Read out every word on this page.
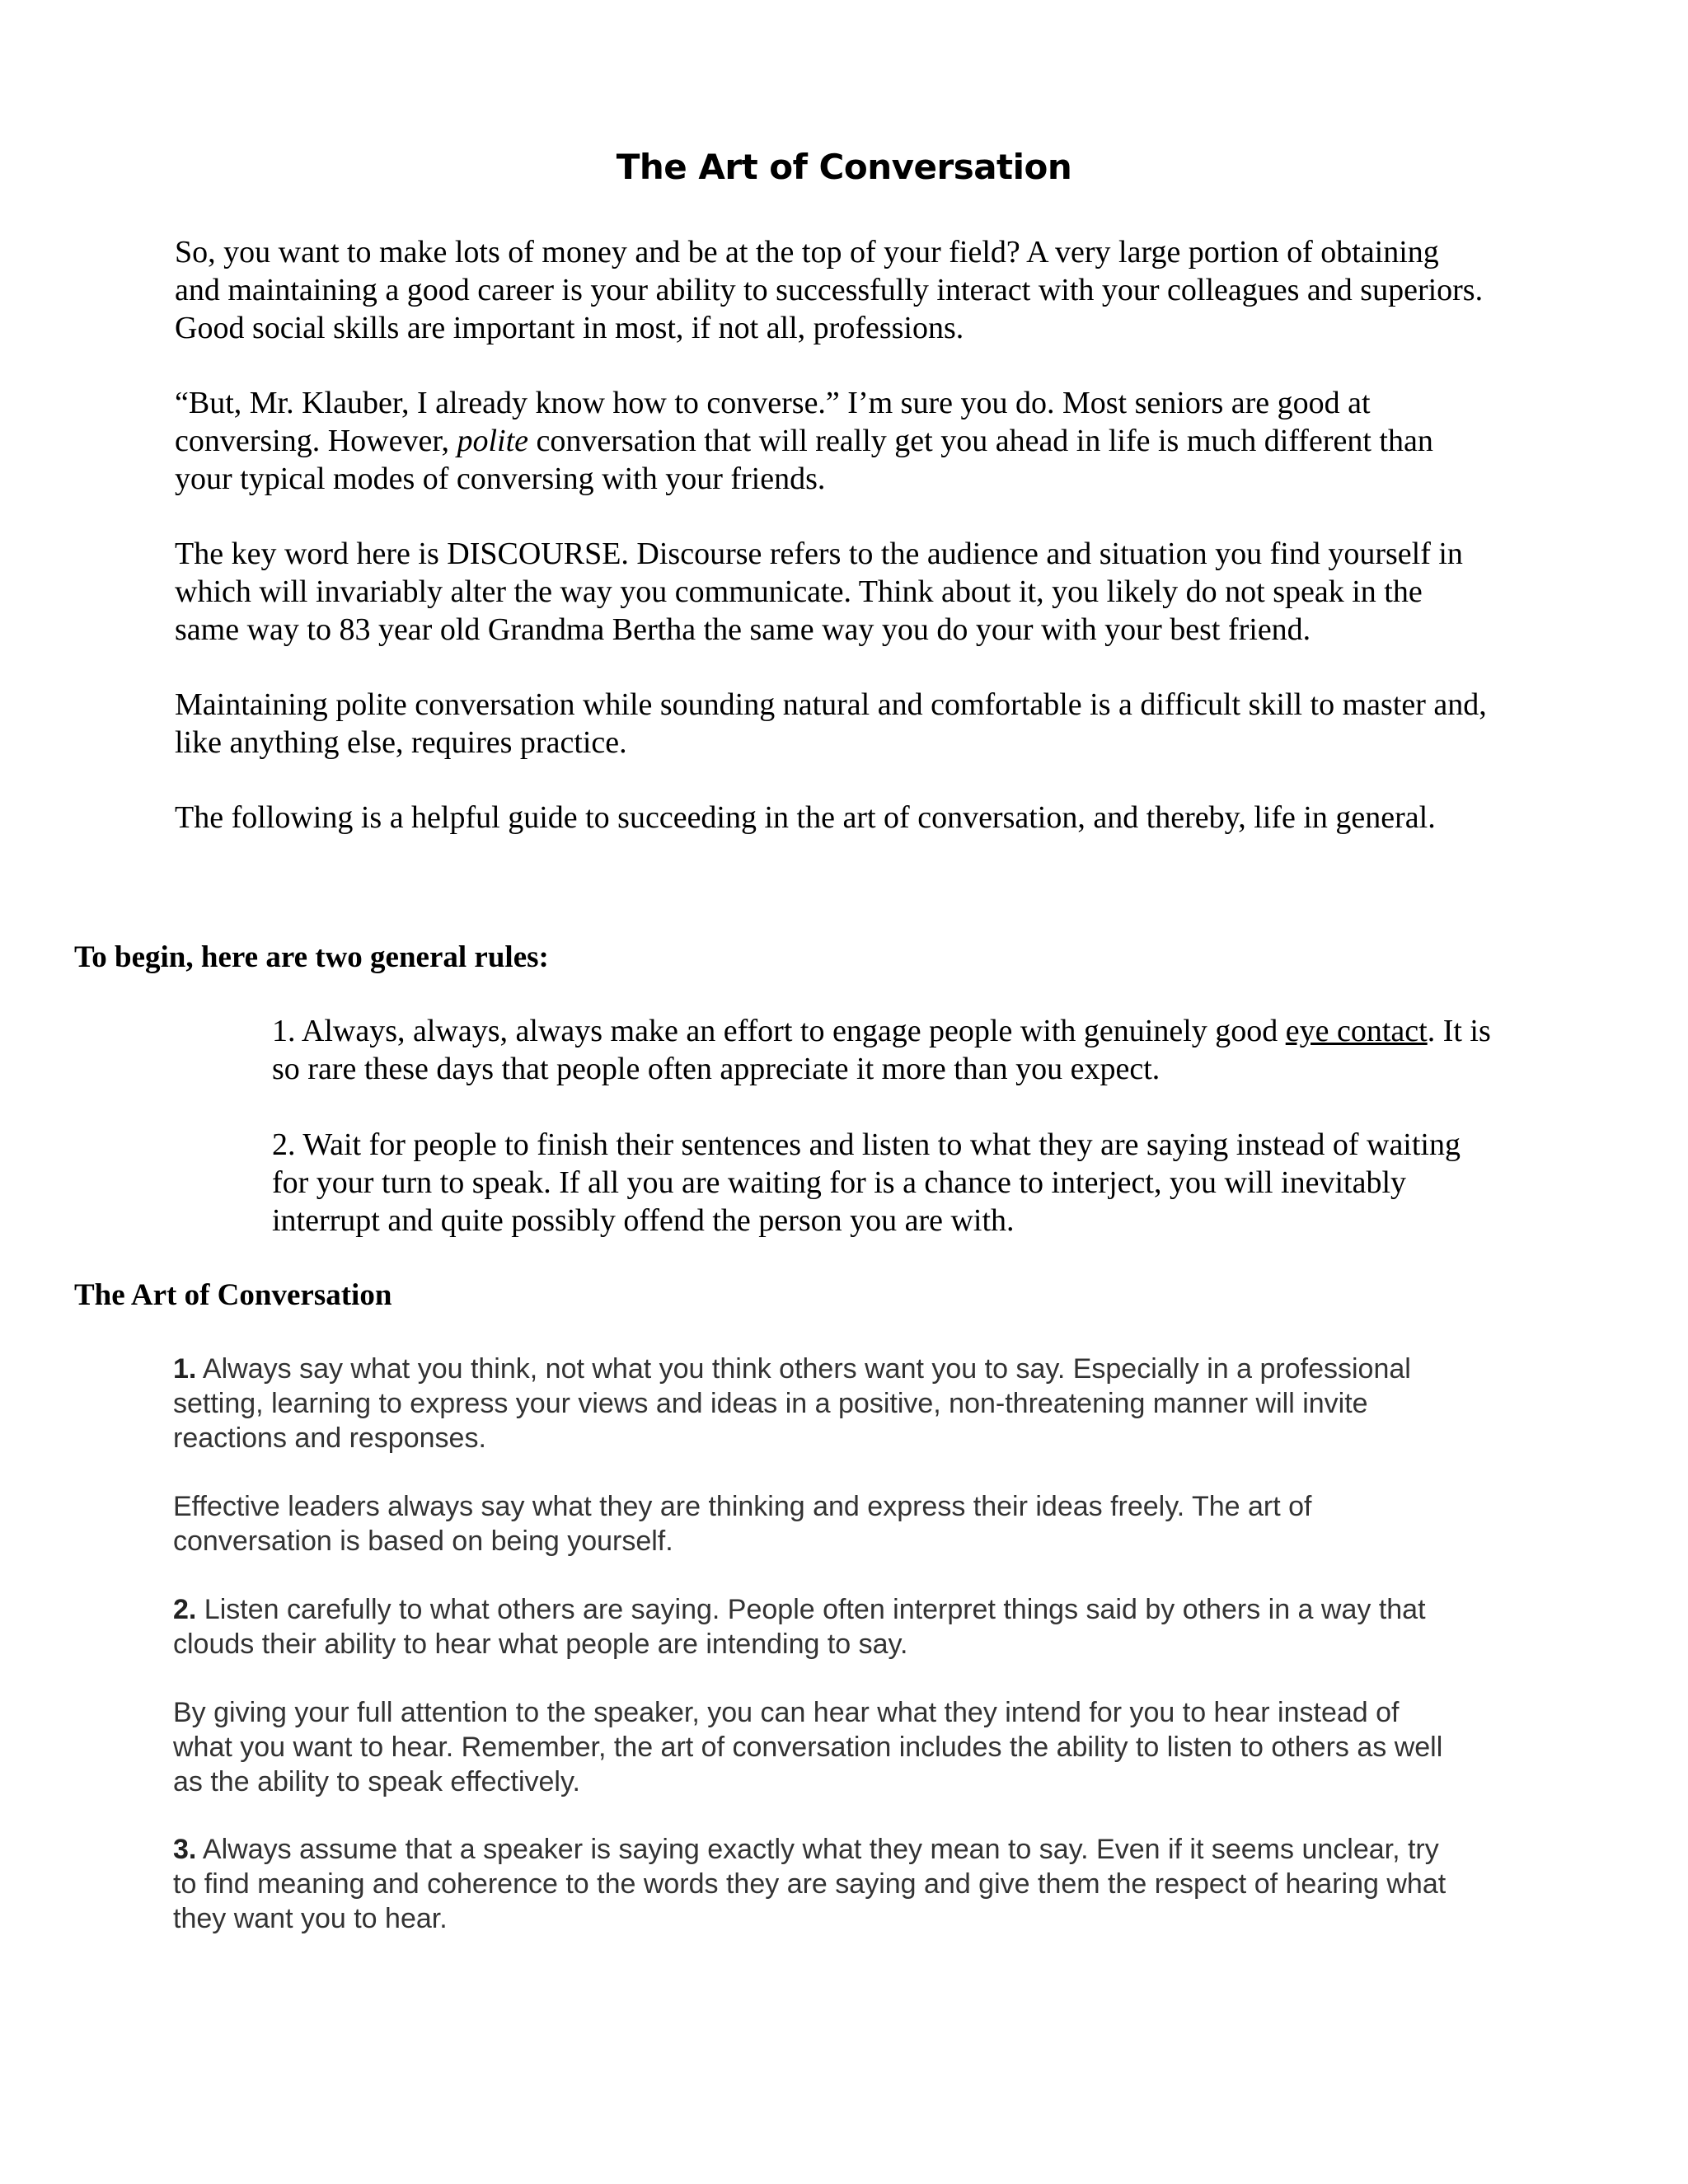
The Art of Conversation

So, you want to make lots of money and be at the top of your field? A very large portion of obtaining
and maintaining a good career is your ability to successfully interact with your colleagues and superiors.
Good social skills are important in most, if not all, professions.

“But, Mr. Klauber, I already know how to converse.” I’m sure you do. Most seniors are good at
conversing. However, polite conversation that will really get you ahead in life is much different than
your typical modes of conversing with your friends.

The key word here is DISCOURSE. Discourse refers to the audience and situation you find yourself in
which will invariably alter the way you communicate. Think about it, you likely do not speak in the
same way to 83 year old Grandma Bertha the same way you do your with your best friend.

Maintaining polite conversation while sounding natural and comfortable is a difficult skill to master and,
like anything else, requires practice.

The following is a helpful guide to succeeding in the art of conversation, and thereby, life in general.

To begin, here are two general rules:

1. Always, always, always make an effort to engage people with genuinely good eye contact. It is
so rare these days that people often appreciate it more than you expect.

2. Wait for people to finish their sentences and listen to what they are saying instead of waiting
for your turn to speak. If all you are waiting for is a chance to interject, you will inevitably
interrupt and quite possibly offend the person you are with.

The Art of Conversation

1. Always say what you think, not what you think others want you to say. Especially in a professional
setting, learning to express your views and ideas in a positive, non-threatening manner will invite
reactions and responses.

Effective leaders always say what they are thinking and express their ideas freely. The art of
conversation is based on being yourself.

2. Listen carefully to what others are saying. People often interpret things said by others in a way that
clouds their ability to hear what people are intending to say.

By giving your full attention to the speaker, you can hear what they intend for you to hear instead of
what you want to hear. Remember, the art of conversation includes the ability to listen to others as well
as the ability to speak effectively.

3. Always assume that a speaker is saying exactly what they mean to say. Even if it seems unclear, try
to find meaning and coherence to the words they are saying and give them the respect of hearing what
they want you to hear.
